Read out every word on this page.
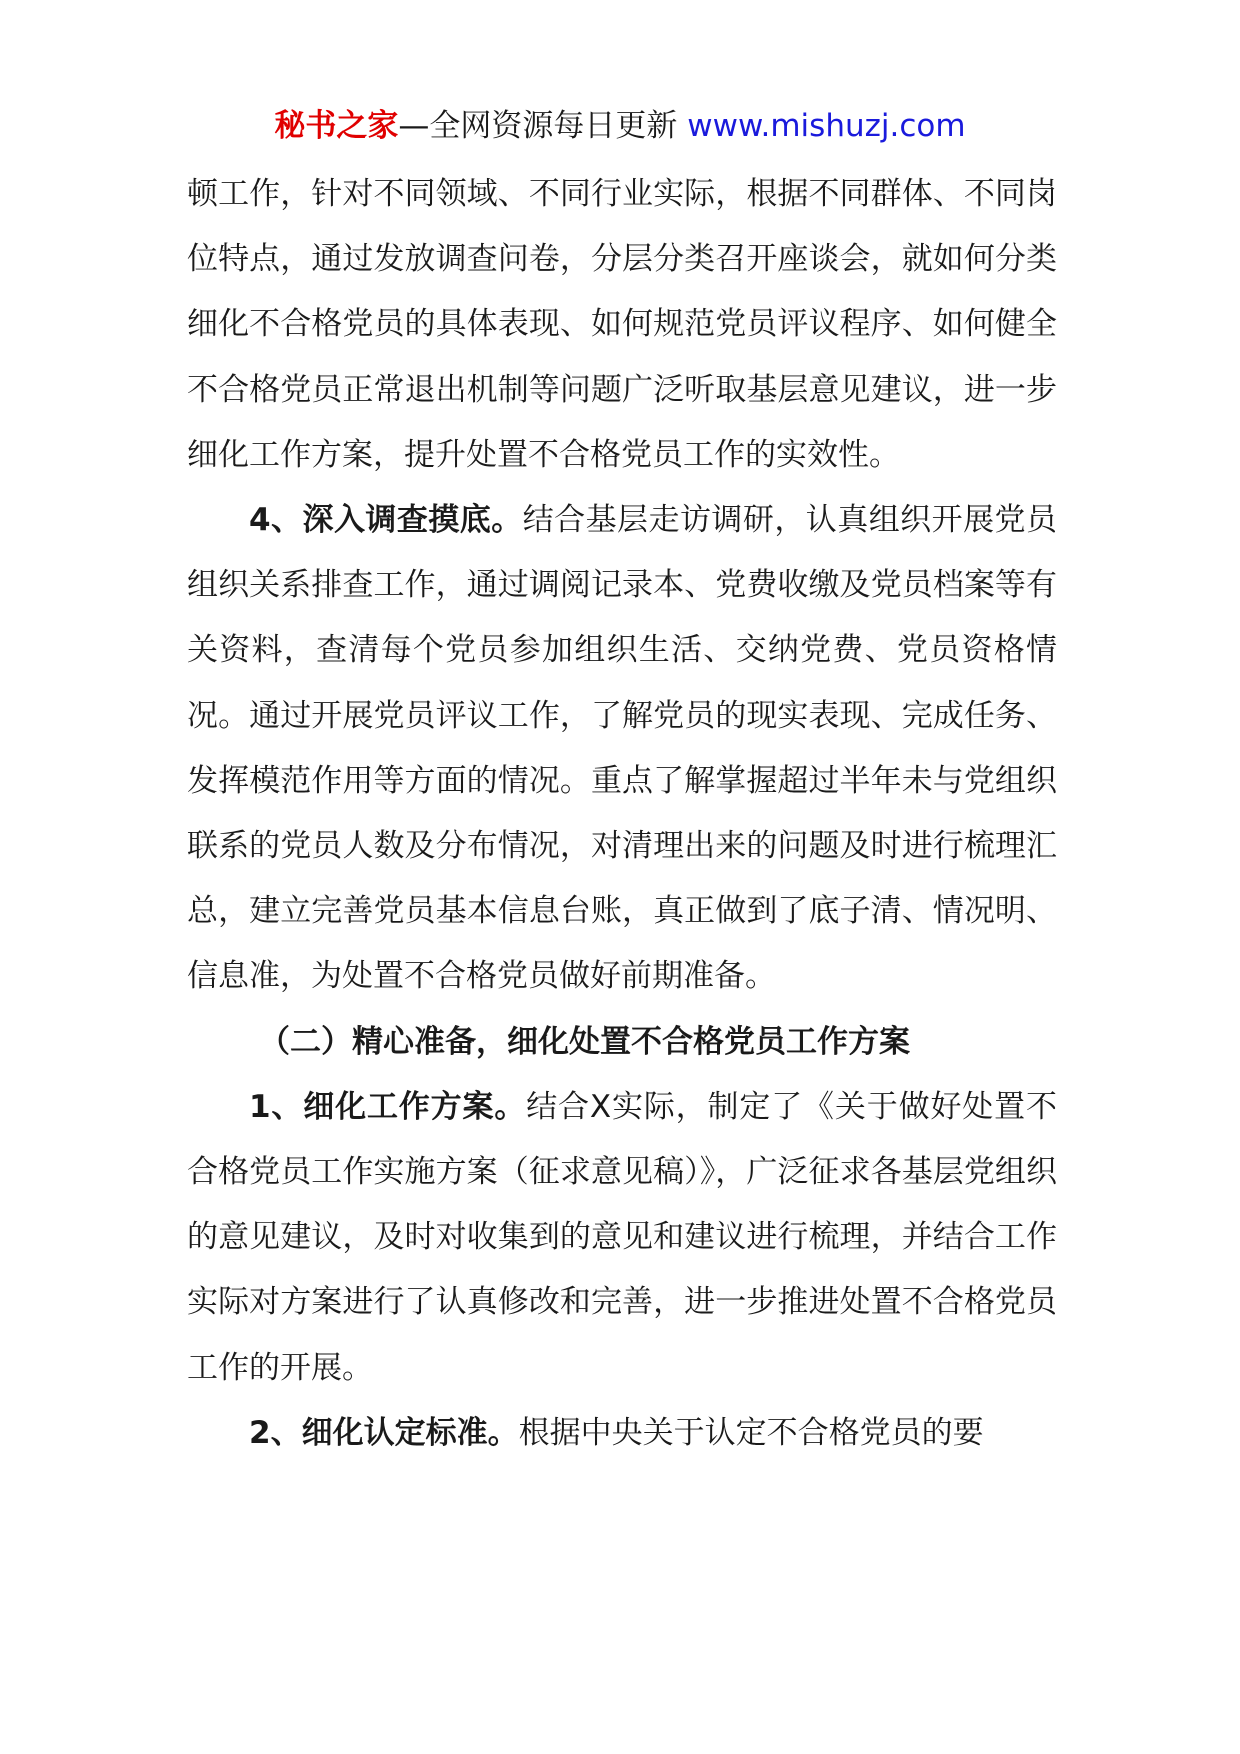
秘书之家—全网资源每日更新 www.mishuzj.com

顿工作，针对不同领域、不同行业实际，根据不同群体、不同岗位特点，通过发放调查问卷，分层分类召开座谈会，就如何分类细化不合格党员的具体表现、如何规范党员评议程序、如何健全不合格党员正常退出机制等问题广泛听取基层意见建议，进一步细化工作方案，提升处置不合格党员工作的实效性。

4、深入调查摸底。结合基层走访调研，认真组织开展党员组织关系排查工作，通过调阅记录本、党费收缴及党员档案等有关资料，查清每个党员参加组织生活、交纳党费、党员资格情况。通过开展党员评议工作，了解党员的现实表现、完成任务、发挥模范作用等方面的情况。重点了解掌握超过半年未与党组织联系的党员人数及分布情况，对清理出来的问题及时进行梳理汇总，建立完善党员基本信息台账，真正做到了底子清、情况明、信息准，为处置不合格党员做好前期准备。

（二）精心准备，细化处置不合格党员工作方案

1、细化工作方案。结合X实际，制定了《关于做好处置不合格党员工作实施方案（征求意见稿）》，广泛征求各基层党组织的意见建议，及时对收集到的意见和建议进行梳理，并结合工作实际对方案进行了认真修改和完善，进一步推进处置不合格党员工作的开展。

2、细化认定标准。根据中央关于认定不合格党员的要
